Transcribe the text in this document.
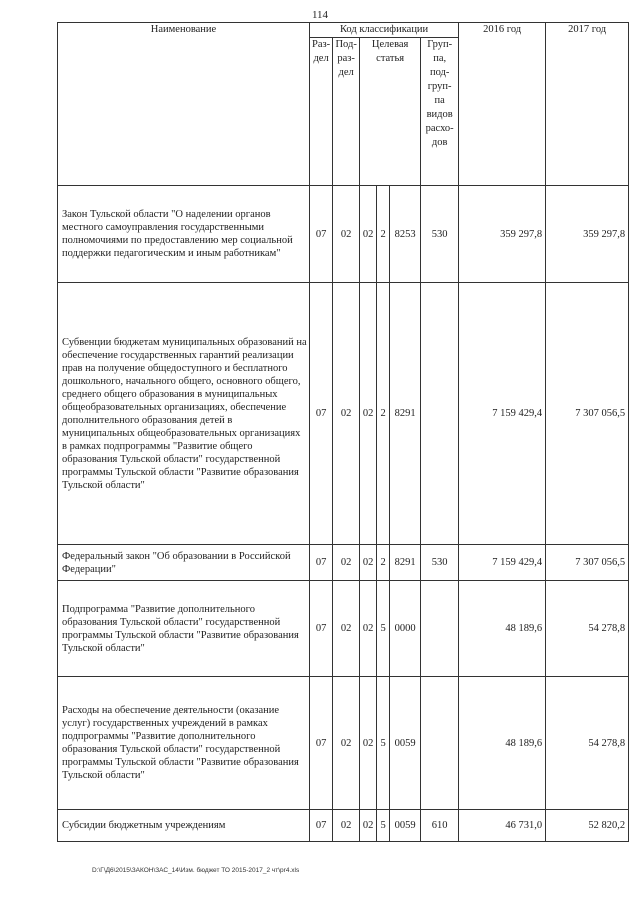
114
Наименование	Код классификации						2016 год	2017 год
	Раз-дел	Под-раз-дел	Целевая статья			Груп-па, под-груп-па видов расхо-дов		
Закон Тульской области "О наделении органов местного самоуправления государственными полномочиями по предоставлению мер социальной поддержки педагогическим и иным работникам"	07	02	02	2	8253	530	359 297,8	359 297,8
Субвенции бюджетам муниципальных образований на обеспечение государственных гарантий реализации прав на получение общедоступного и бесплатного дошкольного, начального общего, основного общего, среднего общего образования в муниципальных общеобразовательных организациях, обеспечение дополнительного образования детей в муниципальных общеобразовательных организациях в рамках подпрограммы "Развитие общего образования Тульской области" государственной программы Тульской области "Развитие образования Тульской области"	07	02	02	2	8291		7 159 429,4	7 307 056,5
Федеральный закон "Об образовании в Российской Федерации"	07	02	02	2	8291	530	7 159 429,4	7 307 056,5
Подпрограмма "Развитие дополнительного образования Тульской области" государственной программы Тульской области "Развитие образования Тульской области"	07	02	02	5	0000		48 189,6	54 278,8
Расходы на обеспечение деятельности (оказание услуг) государственных учреждений в рамках подпрограммы "Развитие дополнительного образования Тульской области" государственной программы Тульской области "Развитие образования Тульской области"	07	02	02	5	0059		48 189,6	54 278,8
Субсидии бюджетным учреждениям	07	02	02	5	0059	610	46 731,0	52 820,2
D:\Г\Д6\2015\ЗАКОН\ЗАС_14\Изм. бюджет ТО 2015-2017_2 чт\pr4.xls
